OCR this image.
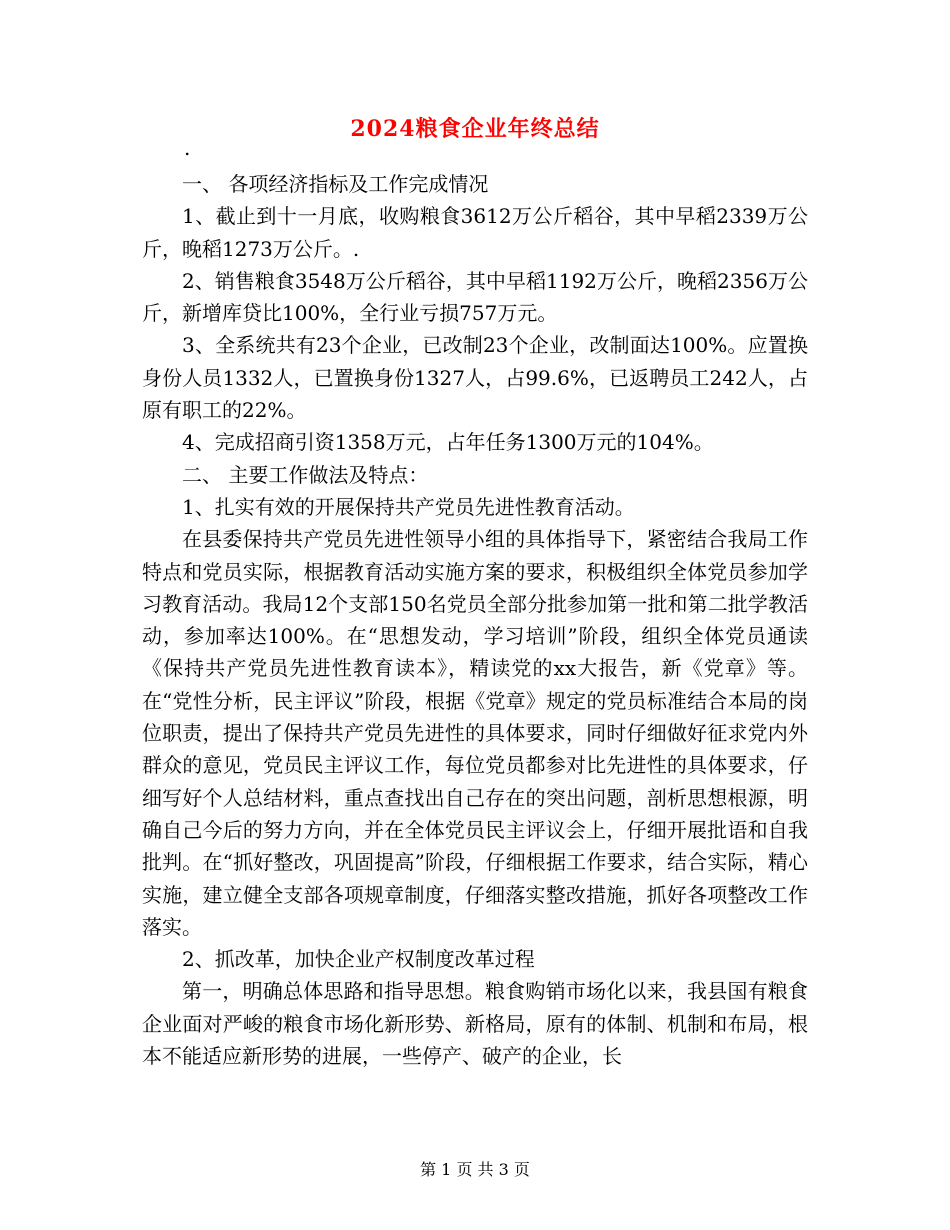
2024粮食企业年终总结
.

一、 各项经济指标及工作完成情况

1、截止到十一月底，收购粮食3612万公斤稻谷，其中早稻2339万公斤，晚稻1273万公斤。.

2、销售粮食3548万公斤稻谷，其中早稻1192万公斤，晚稻2356万公斤，新增库贷比100%，全行业亏损757万元。

3、全系统共有23个企业，已改制23个企业，改制面达100%。应置换身份人员1332人，已置换身份1327人，占99.6%，已返聘员工242人，占原有职工的22%。

4、完成招商引资1358万元，占年任务1300万元的104%。

二、 主要工作做法及特点：

1、扎实有效的开展保持共产党员先进性教育活动。

在县委保持共产党员先进性领导小组的具体指导下，紧密结合我局工作特点和党员实际，根据教育活动实施方案的要求，积极组织全体党员参加学习教育活动。我局12个支部150名党员全部分批参加第一批和第二批学教活动，参加率达100%。在“思想发动，学习培训”阶段，组织全体党员通读《保持共产党员先进性教育读本》，精读党的xx大报告，新《党章》等。在“党性分析，民主评议”阶段，根据《党章》规定的党员标准结合本局的岗位职责，提出了保持共产党员先进性的具体要求，同时仔细做好征求党内外群众的意见，党员民主评议工作，每位党员都参对比先进性的具体要求，仔细写好个人总结材料，重点查找出自己存在的突出问题，剖析思想根源，明确自己今后的努力方向，并在全体党员民主评议会上，仔细开展批语和自我批判。在“抓好整改，巩固提高”阶段，仔细根据工作要求，结合实际，精心实施，建立健全支部各项规章制度，仔细落实整改措施，抓好各项整改工作落实。

2、抓改革，加快企业产权制度改革过程

第一，明确总体思路和指导思想。粮食购销市场化以来，我县国有粮食企业面对严峻的粮食市场化新形势、新格局，原有的体制、机制和布局，根本不能适应新形势的进展，一些停产、破产的企业，长

第 1 页 共 3 页
